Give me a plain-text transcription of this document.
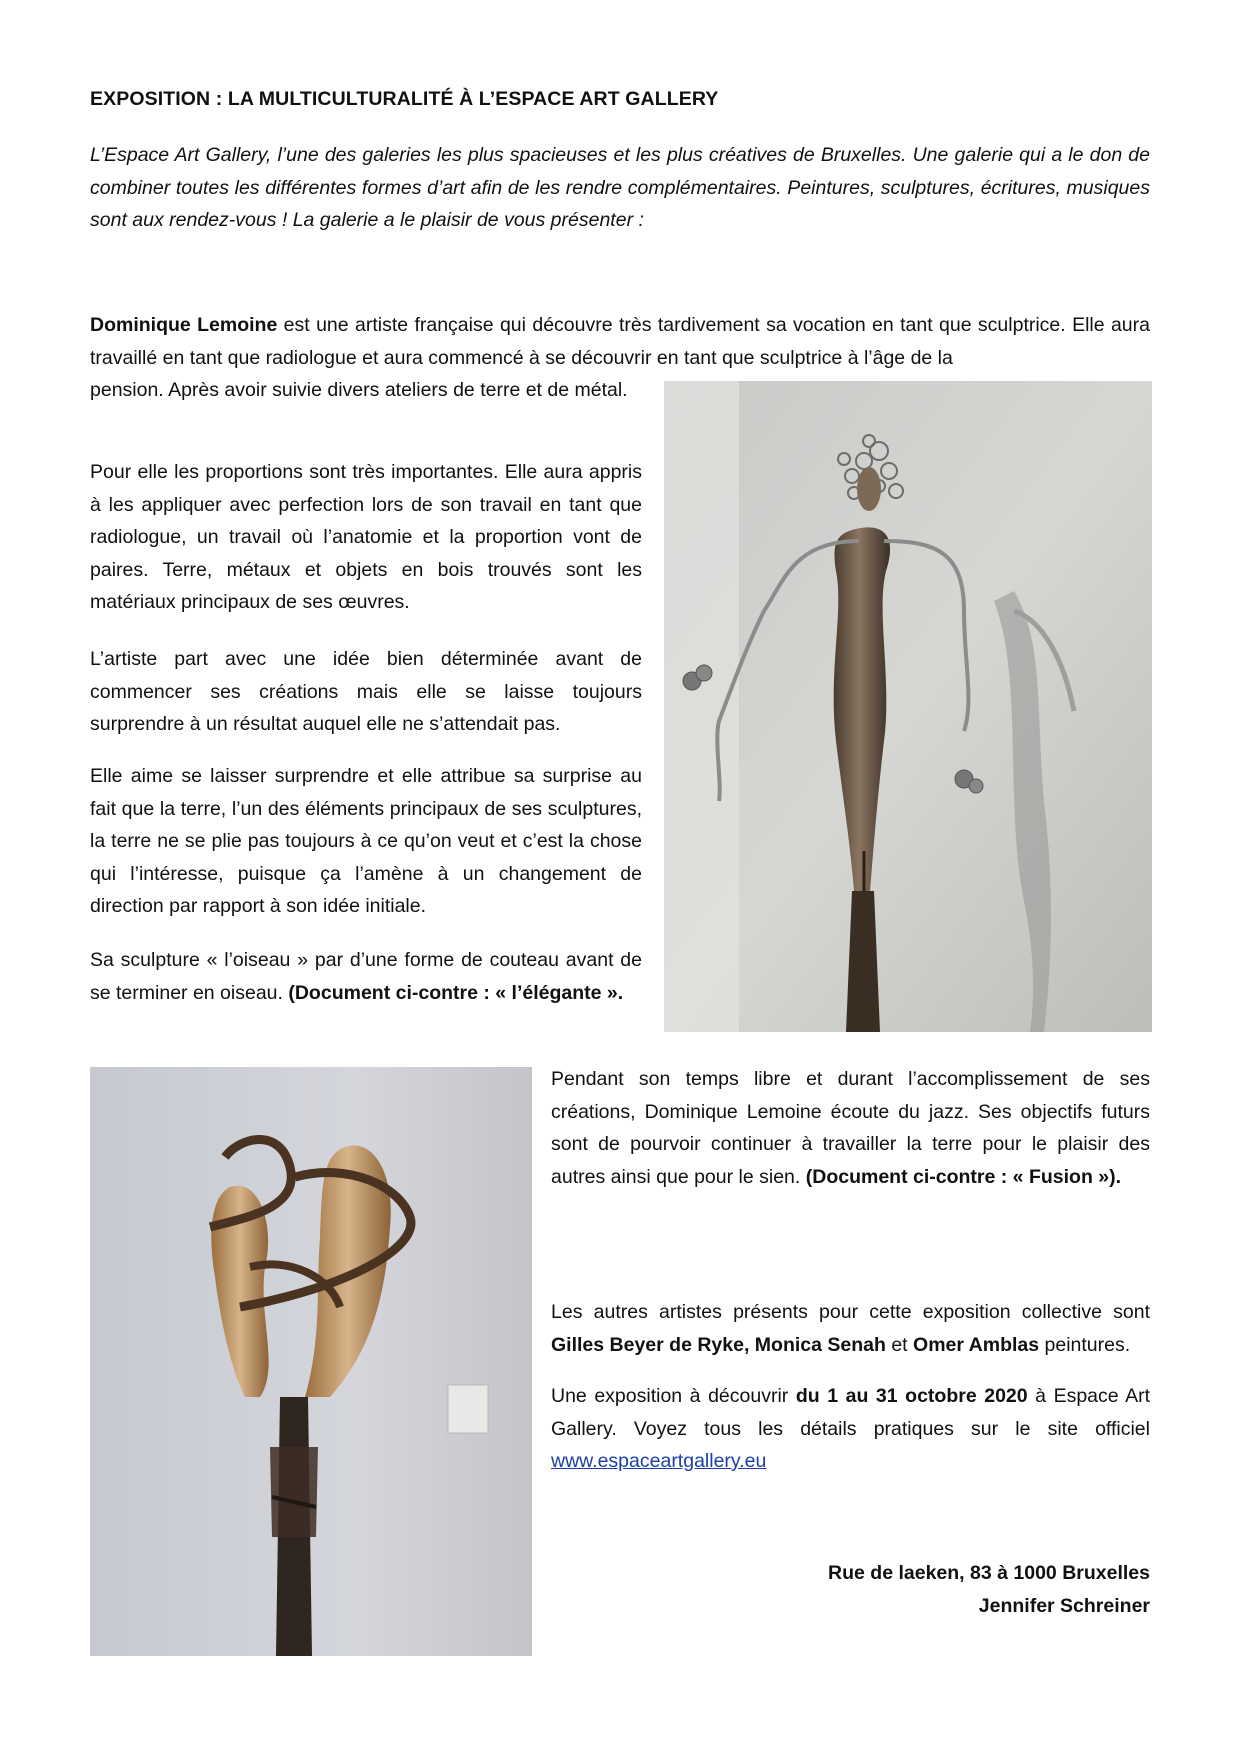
EXPOSITION : LA MULTICULTURALITÉ À L’ESPACE ART GALLERY

L’Espace Art Gallery, l’une des galeries les plus spacieuses et les plus créatives de Bruxelles. Une galerie qui a le don de combiner toutes les différentes formes d’art afin de les rendre complémentaires. Peintures, sculptures, écritures, musiques sont aux rendez-vous ! La galerie a le plaisir de vous présenter :

Dominique Lemoine est une artiste française qui découvre très tardivement sa vocation en tant que sculptrice. Elle aura travaillé en tant que radiologue et aura commencé à se découvrir en tant que sculptrice à l’âge de la

pension. Après avoir suivie divers ateliers de terre et de métal.

Pour elle les proportions sont très importantes. Elle aura appris à les appliquer avec perfection lors de son travail en tant que radiologue, un travail où l’anatomie et la proportion vont de paires. Terre, métaux et objets en bois trouvés sont les matériaux principaux de ses œuvres.

L’artiste part avec une idée bien déterminée avant de commencer ses créations mais elle se laisse toujours surprendre à un résultat auquel elle ne s’attendait pas.

Elle aime se laisser surprendre et elle attribue sa surprise au fait que la terre, l’un des éléments principaux de ses sculptures, la terre ne se plie pas toujours à ce qu’on veut et c’est la chose qui l’intéresse, puisque ça l’amène à un changement de direction par rapport à son idée initiale.

Sa sculpture « l’oiseau » par d’une forme de couteau avant de se terminer en oiseau. (Document ci-contre : « l’élégante ».

Pendant son temps libre et durant l’accomplissement de ses créations, Dominique Lemoine écoute du jazz. Ses objectifs futurs sont de pourvoir continuer à travailler la terre pour le plaisir des autres ainsi que pour le sien. (Document ci-contre : « Fusion »).

Les autres artistes présents pour cette exposition collective sont Gilles Beyer de Ryke, Monica Senah et Omer Amblas peintures.

Une exposition à découvrir du 1 au 31 octobre 2020 à Espace Art Gallery. Voyez tous les détails pratiques sur le site officiel www.espaceartgallery.eu

Rue de laeken, 83 à 1000 Bruxelles
Jennifer Schreiner
